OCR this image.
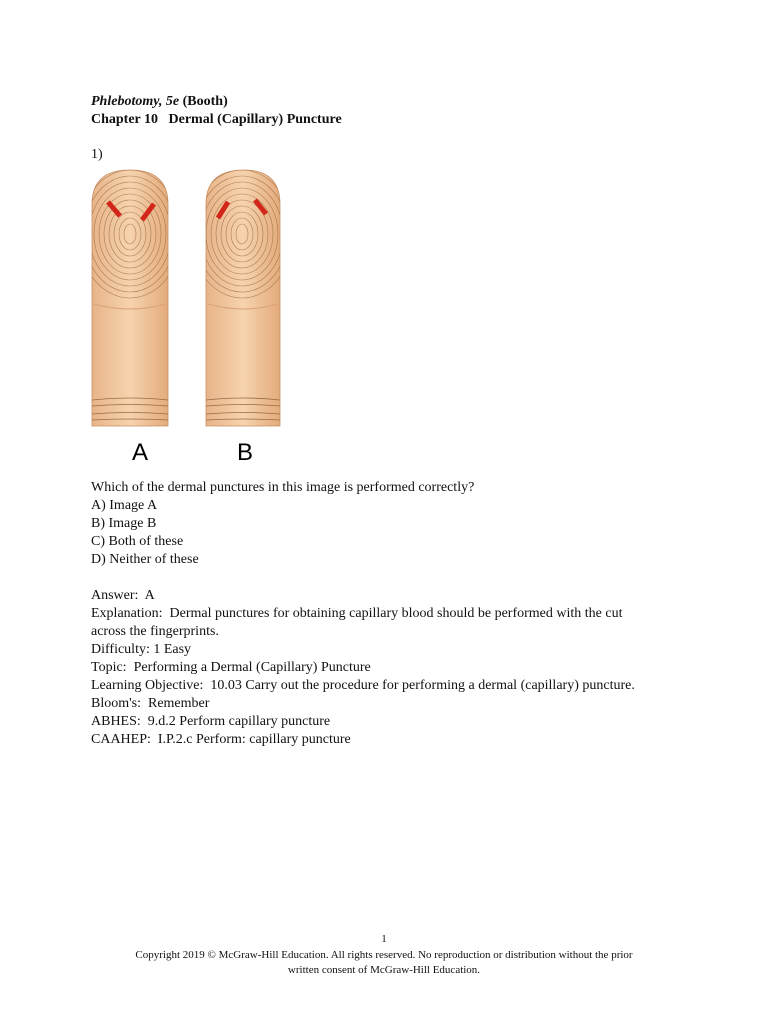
Phlebotomy, 5e (Booth)
Chapter 10   Dermal (Capillary) Puncture
1)
A	B
Which of the dermal punctures in this image is performed correctly?
A) Image A
B) Image B
C) Both of these
D) Neither of these
Answer:  A
Explanation:  Dermal punctures for obtaining capillary blood should be performed with the cut
across the fingerprints.
Difficulty: 1 Easy
Topic:  Performing a Dermal (Capillary) Puncture
Learning Objective:  10.03 Carry out the procedure for performing a dermal (capillary) puncture.
Bloom's:  Remember
ABHES:  9.d.2 Perform capillary puncture
CAAHEP:  I.P.2.c Perform: capillary puncture
1
Copyright 2019 © McGraw-Hill Education. All rights reserved. No reproduction or distribution without the prior
written consent of McGraw-Hill Education.
